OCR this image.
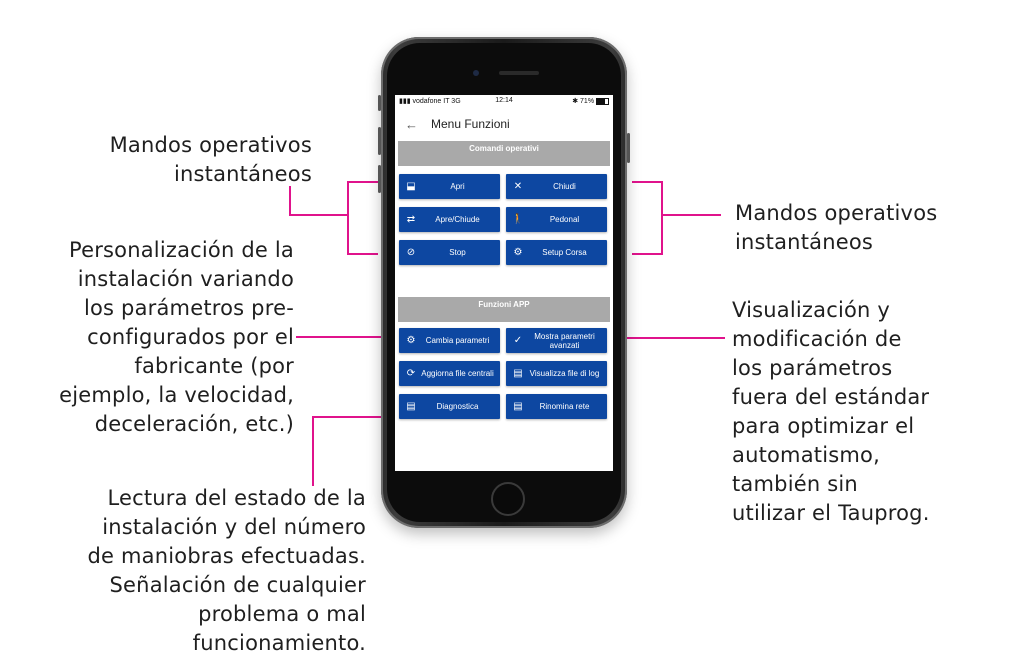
Mandos operativos
instantáneos
Mandos operativos
instantáneos
Personalización de la
instalación variando
los parámetros pre-
configurados por el
fabricante (por
ejemplo, la velocidad,
deceleración, etc.)
Lectura del estado de la
instalación y del número
de maniobras efectuadas.
Señalación de cualquier
problema o mal
funcionamiento.
Visualización y
modificación de
los parámetros
fuera del estándar
para optimizar el
automatismo,
también sin
utilizar el Tauprog.
▮▮▮ vodafone IT 3G	12:14	✱ 71%
←	Menu Funzioni
Comandi operativi
⬓	Apri	✕	Chiudi
⇄	Apre/Chiude	🚶	Pedonal
⊘	Stop	⚙	Setup Corsa
Funzioni APP
⚙	Cambia parametri	✓	Mostra parametri avanzati
⟳ Aggiorna file centrali	▤ Visualizza file di log
▤	Diagnostica	▤	Rinomina rete
